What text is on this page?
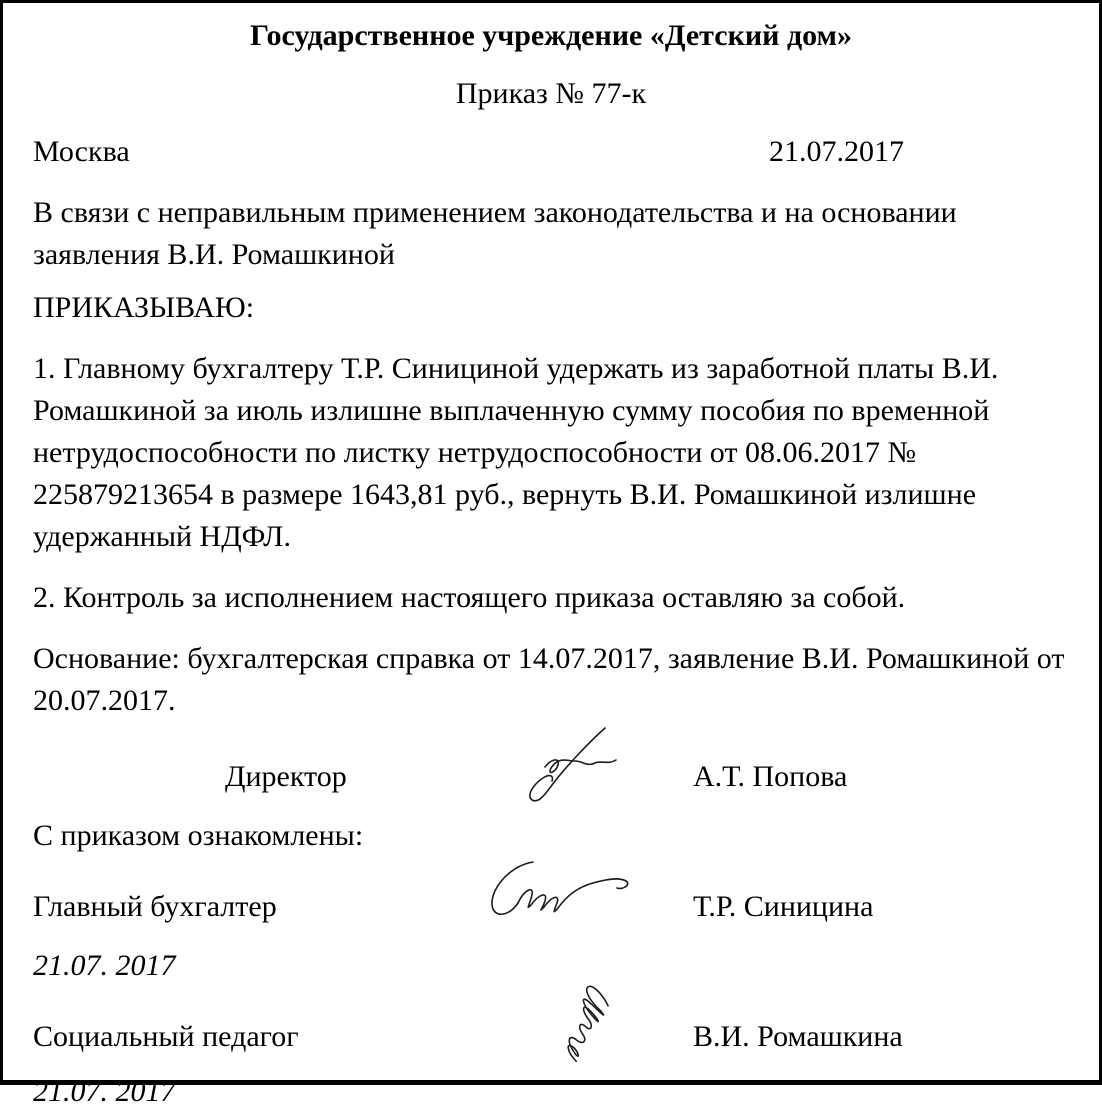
Государственное учреждение «Детский дом»
Приказ № 77-к
Москва	21.07.2017
В связи с неправильным применением законодательства и на основании заявления В.И. Ромашкиной
ПРИКАЗЫВАЮ:
1. Главному бухгалтеру Т.Р. Синициной удержать из заработной платы В.И. Ромашкиной за июль излишне выплаченную сумму пособия по временной нетрудоспособности по листку нетрудоспособности от 08.06.2017 № 225879213654 в размере 1643,81 руб., вернуть В.И. Ромашкиной излишне удержанный НДФЛ.
2. Контроль за исполнением настоящего приказа оставляю за собой.
Основание: бухгалтерская справка от 14.07.2017, заявление В.И. Ромашкиной от 20.07.2017.
Директор	А.Т. Попова
С приказом ознакомлены:
Главный бухгалтер	Т.Р. Синицина
21.07. 2017
Социальный педагог	В.И. Ромашкина
21.07. 2017
